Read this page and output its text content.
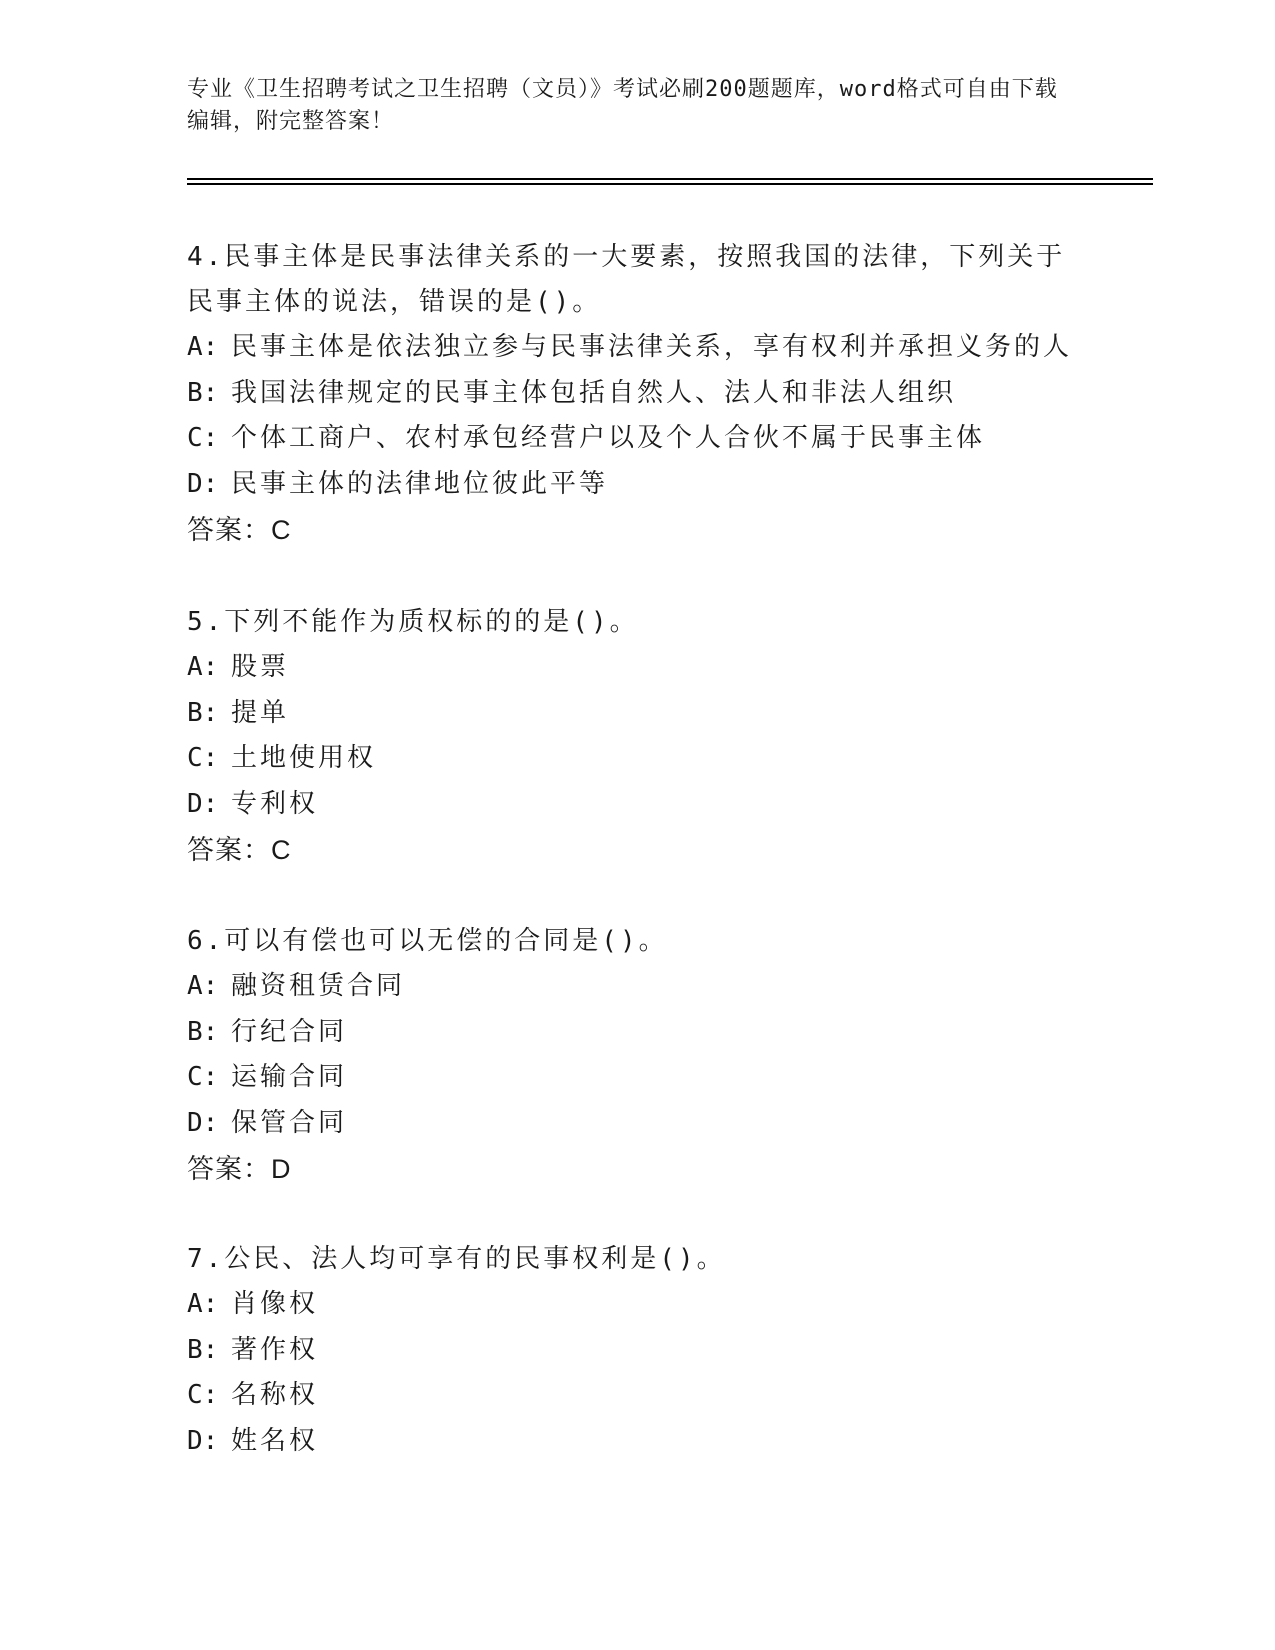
专业《卫生招聘考试之卫生招聘（文员）》考试必刷200题题库，word格式可自由下载编辑，附完整答案！
4.民事主体是民事法律关系的一大要素，按照我国的法律，下列关于
民事主体的说法，错误的是()。
A: 民事主体是依法独立参与民事法律关系，享有权利并承担义务的人
B: 我国法律规定的民事主体包括自然人、法人和非法人组织
C: 个体工商户、农村承包经营户以及个人合伙不属于民事主体
D: 民事主体的法律地位彼此平等
答案：C
5.下列不能作为质权标的的是()。
A: 股票
B: 提单
C: 土地使用权
D: 专利权
答案：C
6.可以有偿也可以无偿的合同是()。
A: 融资租赁合同
B: 行纪合同
C: 运输合同
D: 保管合同
答案：D
7.公民、法人均可享有的民事权利是()。
A: 肖像权
B: 著作权
C: 名称权
D: 姓名权
